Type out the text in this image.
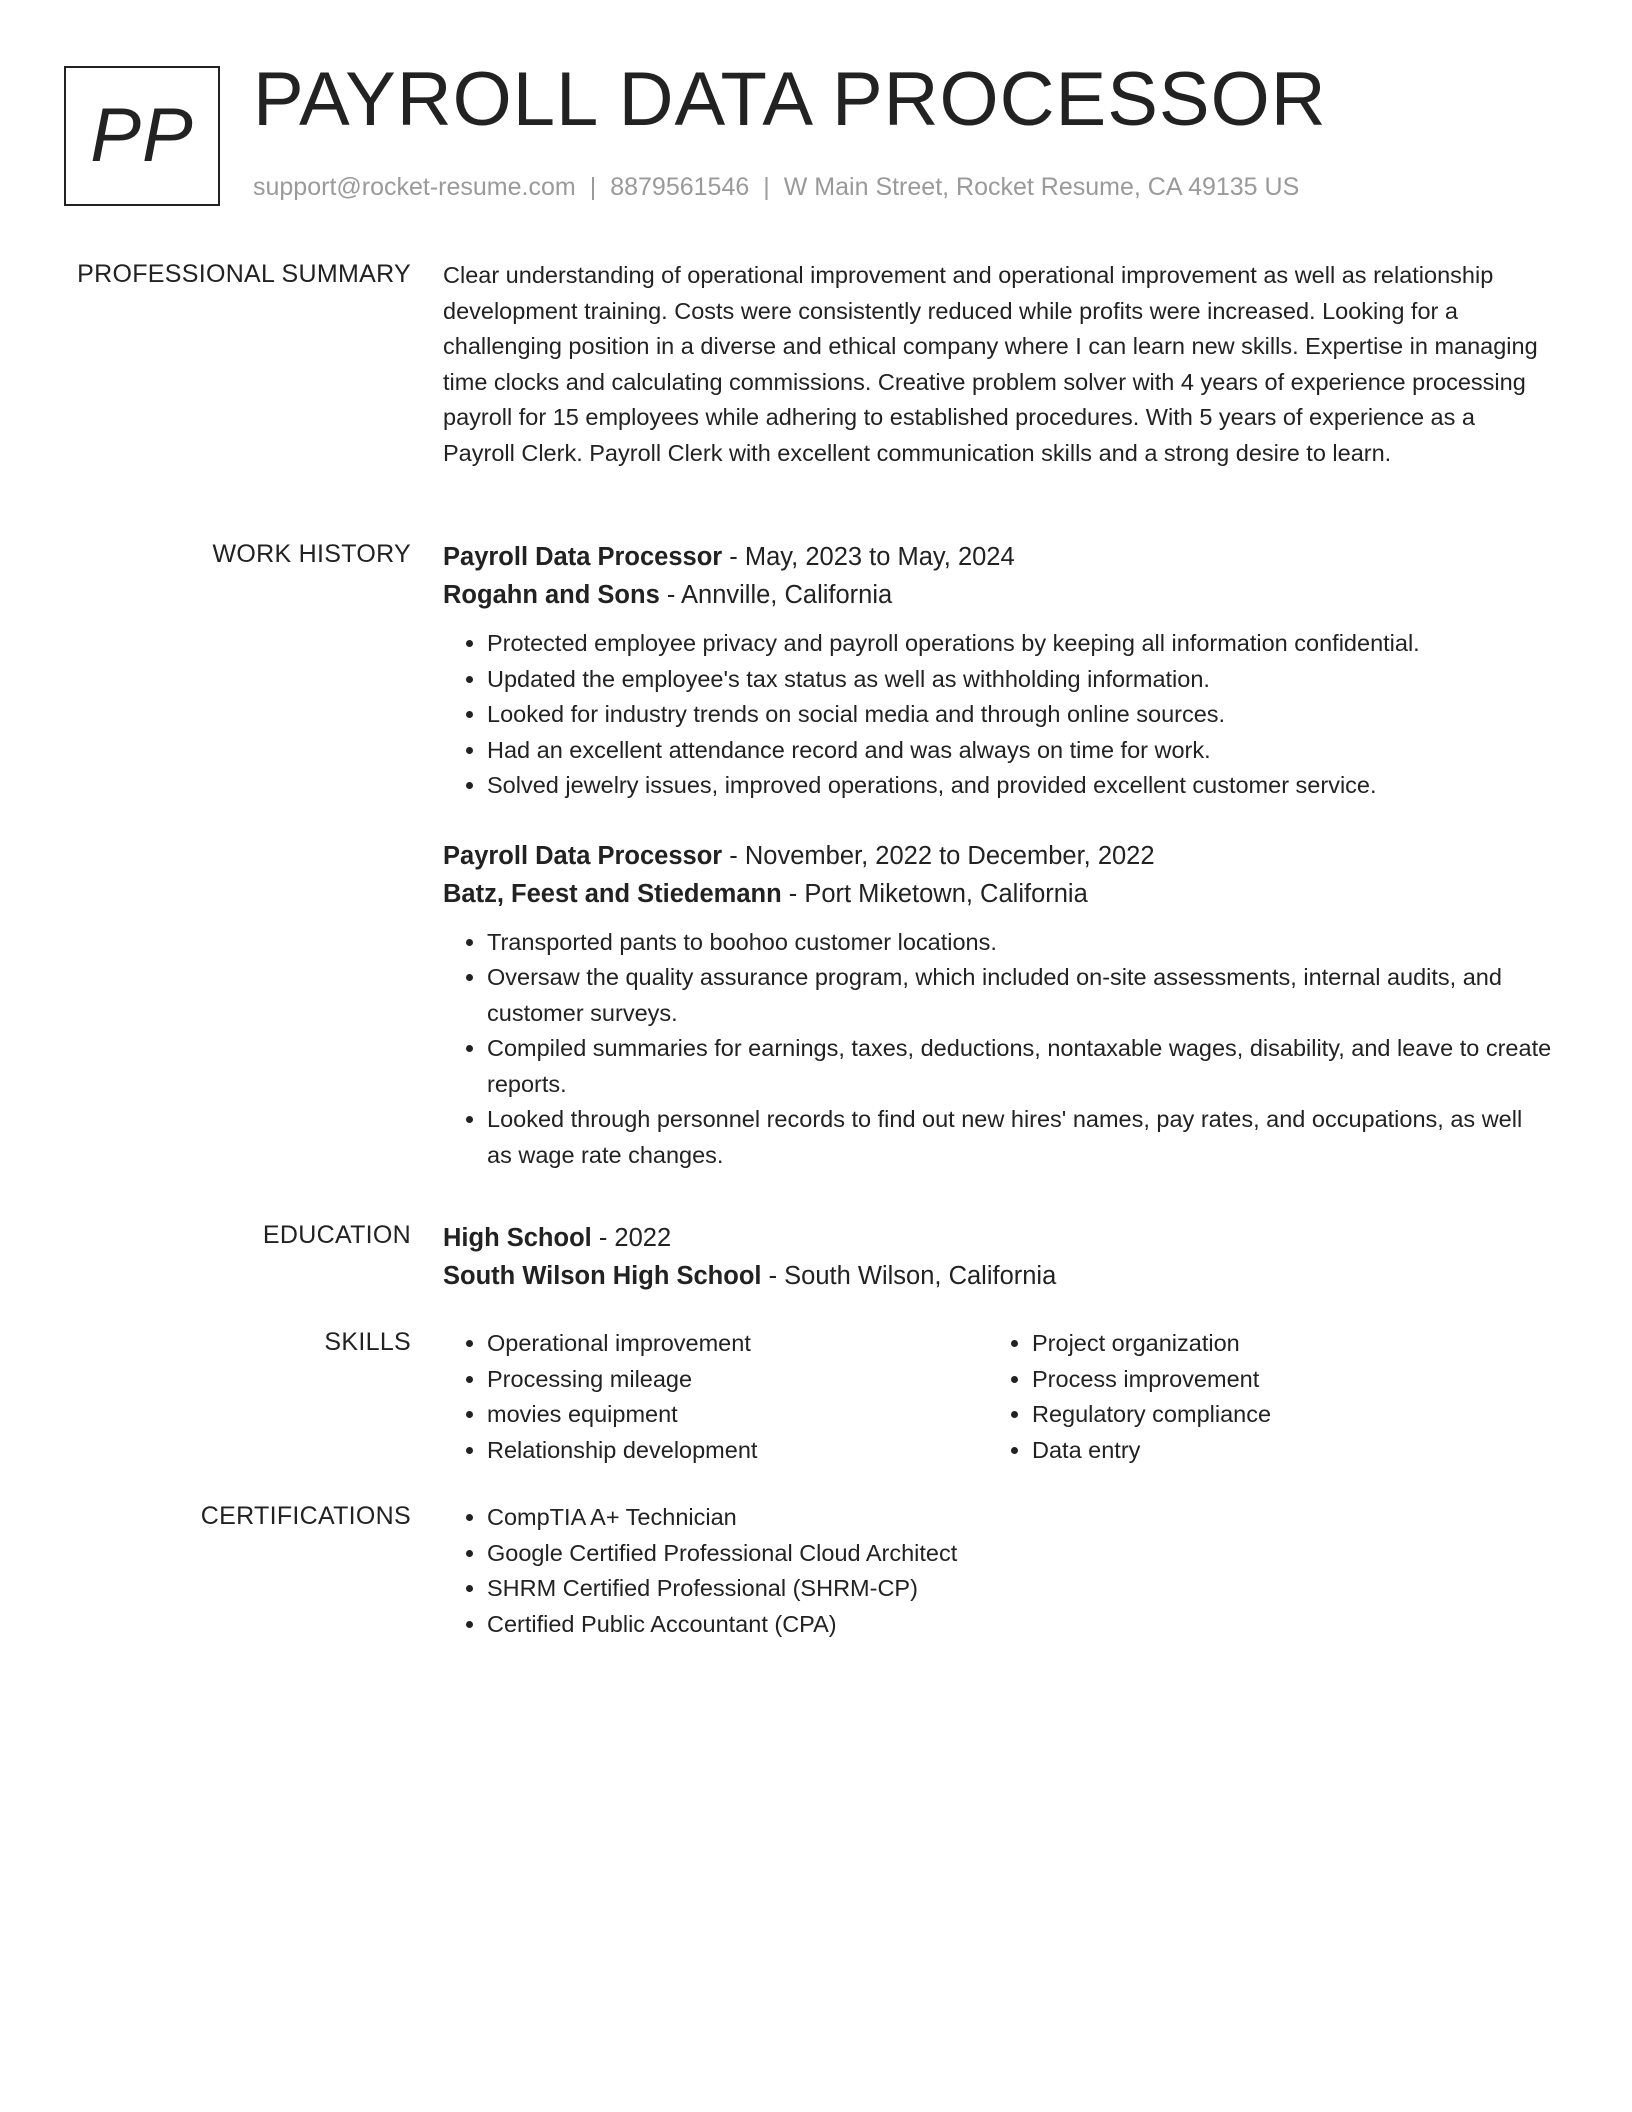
PP PAYROLL DATA PROCESSOR
support@rocket-resume.com | 8879561546 | W Main Street, Rocket Resume, CA 49135 US
PROFESSIONAL SUMMARY Clear understanding of operational improvement and operational improvement as well as relationship development training. Costs were consistently reduced while profits were increased. Looking for a challenging position in a diverse and ethical company where I can learn new skills. Expertise in managing time clocks and calculating commissions. Creative problem solver with 4 years of experience processing payroll for 15 employees while adhering to established procedures. With 5 years of experience as a Payroll Clerk. Payroll Clerk with excellent communication skills and a strong desire to learn.

WORK HISTORY Payroll Data Processor - May, 2023 to May, 2024
Rogahn and Sons - Annville, California
• Protected employee privacy and payroll operations by keeping all information confidential.
• Updated the employee's tax status as well as withholding information.
• Looked for industry trends on social media and through online sources.
• Had an excellent attendance record and was always on time for work.
• Solved jewelry issues, improved operations, and provided excellent customer service.
Payroll Data Processor - November, 2022 to December, 2022
Batz, Feest and Stiedemann - Port Miketown, California
• Transported pants to boohoo customer locations.
• Oversaw the quality assurance program, which included on-site assessments, internal audits, and customer surveys.
• Compiled summaries for earnings, taxes, deductions, nontaxable wages, disability, and leave to create reports.
• Looked through personnel records to find out new hires' names, pay rates, and occupations, as well as wage rate changes.
EDUCATION High School - 2022
South Wilson High School - South Wilson, California
SKILLS	• Operational improvement
• Processing mileage
• movies equipment
• Relationship development
• Project organization
• Process improvement
• Regulatory compliance
• Data entry
CERTIFICATIONS	• CompTIA A+ Technician
• Google Certified Professional Cloud Architect
• SHRM Certified Professional (SHRM-CP)
• Certified Public Accountant (CPA)
